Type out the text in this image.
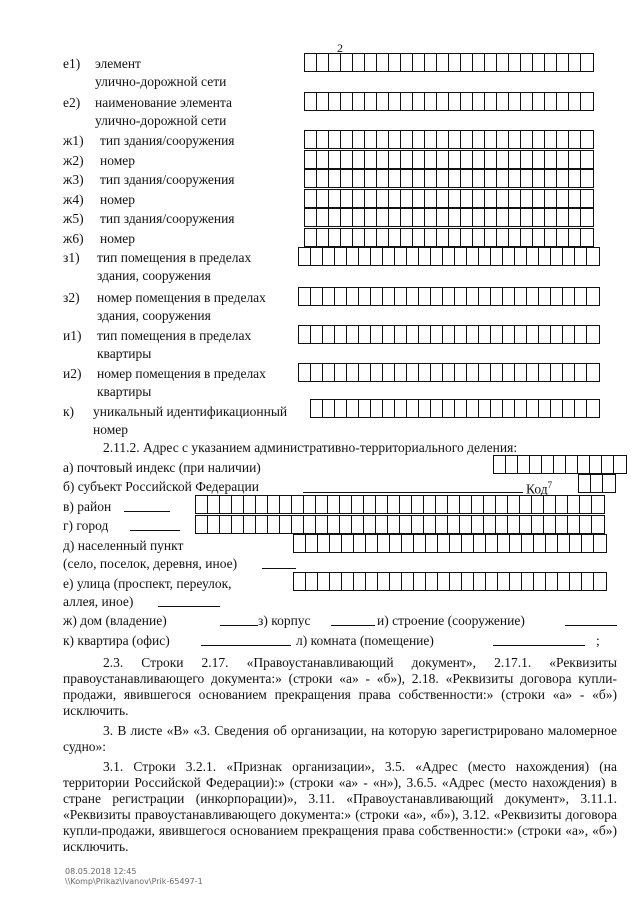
2
е1) элемент
улично-дорожной сети
е2) наименование элемента
улично-дорожной сети
ж1) тип здания/сооружения
ж2) номер
ж3) тип здания/сооружения
ж4) номер
ж5) тип здания/сооружения
ж6) номер
з1) тип помещения в пределах
здания, сооружения
з2) номер помещения в пределах
здания, сооружения
и1) тип помещения в пределах
квартиры
и2) номер помещения в пределах
квартиры
к) уникальный идентификационный
номер
2.11.2. Адрес с указанием административно-территориального деления:
а) почтовый индекс (при наличии)
б) субъект Российской Федерации	Код$^7$
в) район
г) город
д) населенный пункт
(село, поселок, деревня, иное)
е) улица (проспект, переулок,
аллея, иное)
ж) дом (владение)	з) корпус	и) строение (сооружение)
к) квартира (офис)	л) комната (помещение)	;
2.3. Строки 2.17. «Правоустанавливающий документ», 2.17.1. «Реквизиты правоустанавливающего документа:» (строки «а» - «б»), 2.18. «Реквизиты договора купли-продажи, явившегося основанием прекращения права собственности:» (строки «а» - «б») исключить.
3. В листе «В» «3. Сведения об организации, на которую зарегистрировано маломерное судно»:
3.1. Строки 3.2.1. «Признак организации», 3.5. «Адрес (место нахождения) (на территории Российской Федерации):» (строки «а» - «н»), 3.6.5. «Адрес (место нахождения) в стране регистрации (инкорпорации)», 3.11. «Правоустанавливающий документ», 3.11.1. «Реквизиты правоустанавливающего документа:» (строки «а», «б»), 3.12. «Реквизиты договора купли-продажи, явившегося основанием прекращения права собственности:» (строки «а», «б») исключить.
08.05.2018 12:45
\\Komp\Prikaz\Ivanov\Prik-65497-1
